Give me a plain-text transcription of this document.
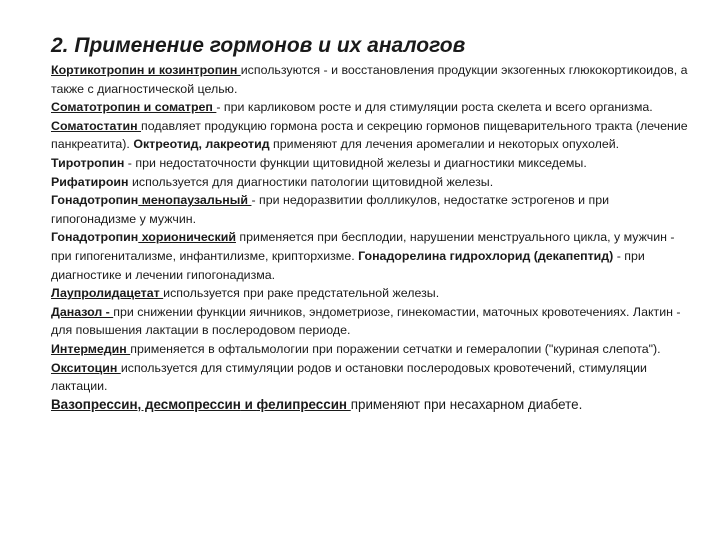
2. Применение гормонов и их аналогов

Кортикотропин и козинтропин используются - и восстановления продукции экзогенных глюкокортикоидов, а также с диагностической целью.

Соматотропин и соматреп - при карликовом росте и для стимуляции роста скелета и всего организма.

Соматостатин подавляет продукцию гормона роста и секрецию гормонов пищеварительного тракта (лечение панкреатита). Октреотид, лакреотид применяют для лечения аромегалии и некоторых опухолей.

Тиротропин - при недостаточности функции щитовидной железы и диагностики микседемы.

Рифатироин используется для диагностики патологии щитовидной железы.

Гонадотропин менопаузальный - при недоразвитии фолликулов, недостатке эстрогенов и при гипогонадизме у мужчин.

Гонадотропин хорионический применяется при бесплодии, нарушении менструального цикла, у мужчин - при гипогенитализме, инфантилизме, крипторхизме. Гонадорелина гидрохлорид (декапептид) - при диагностике и лечении гипогонадизма.

Лаупролидацетат используется при раке предстательной железы.

Даназол - при снижении функции яичников, эндометриозе, гинекомастии, маточных кровотечениях. Лактин - для повышения лактации в послеродовом периоде.

Интермедин применяется в офтальмологии при поражении сетчатки и гемералопии ("куриная слепота").

Окситоцин используется для стимуляции родов и остановки послеродовых кровотечений, стимуляции лактации.

Вазопрессин, десмопрессин и фелипрессин применяют при несахарном диабете.
